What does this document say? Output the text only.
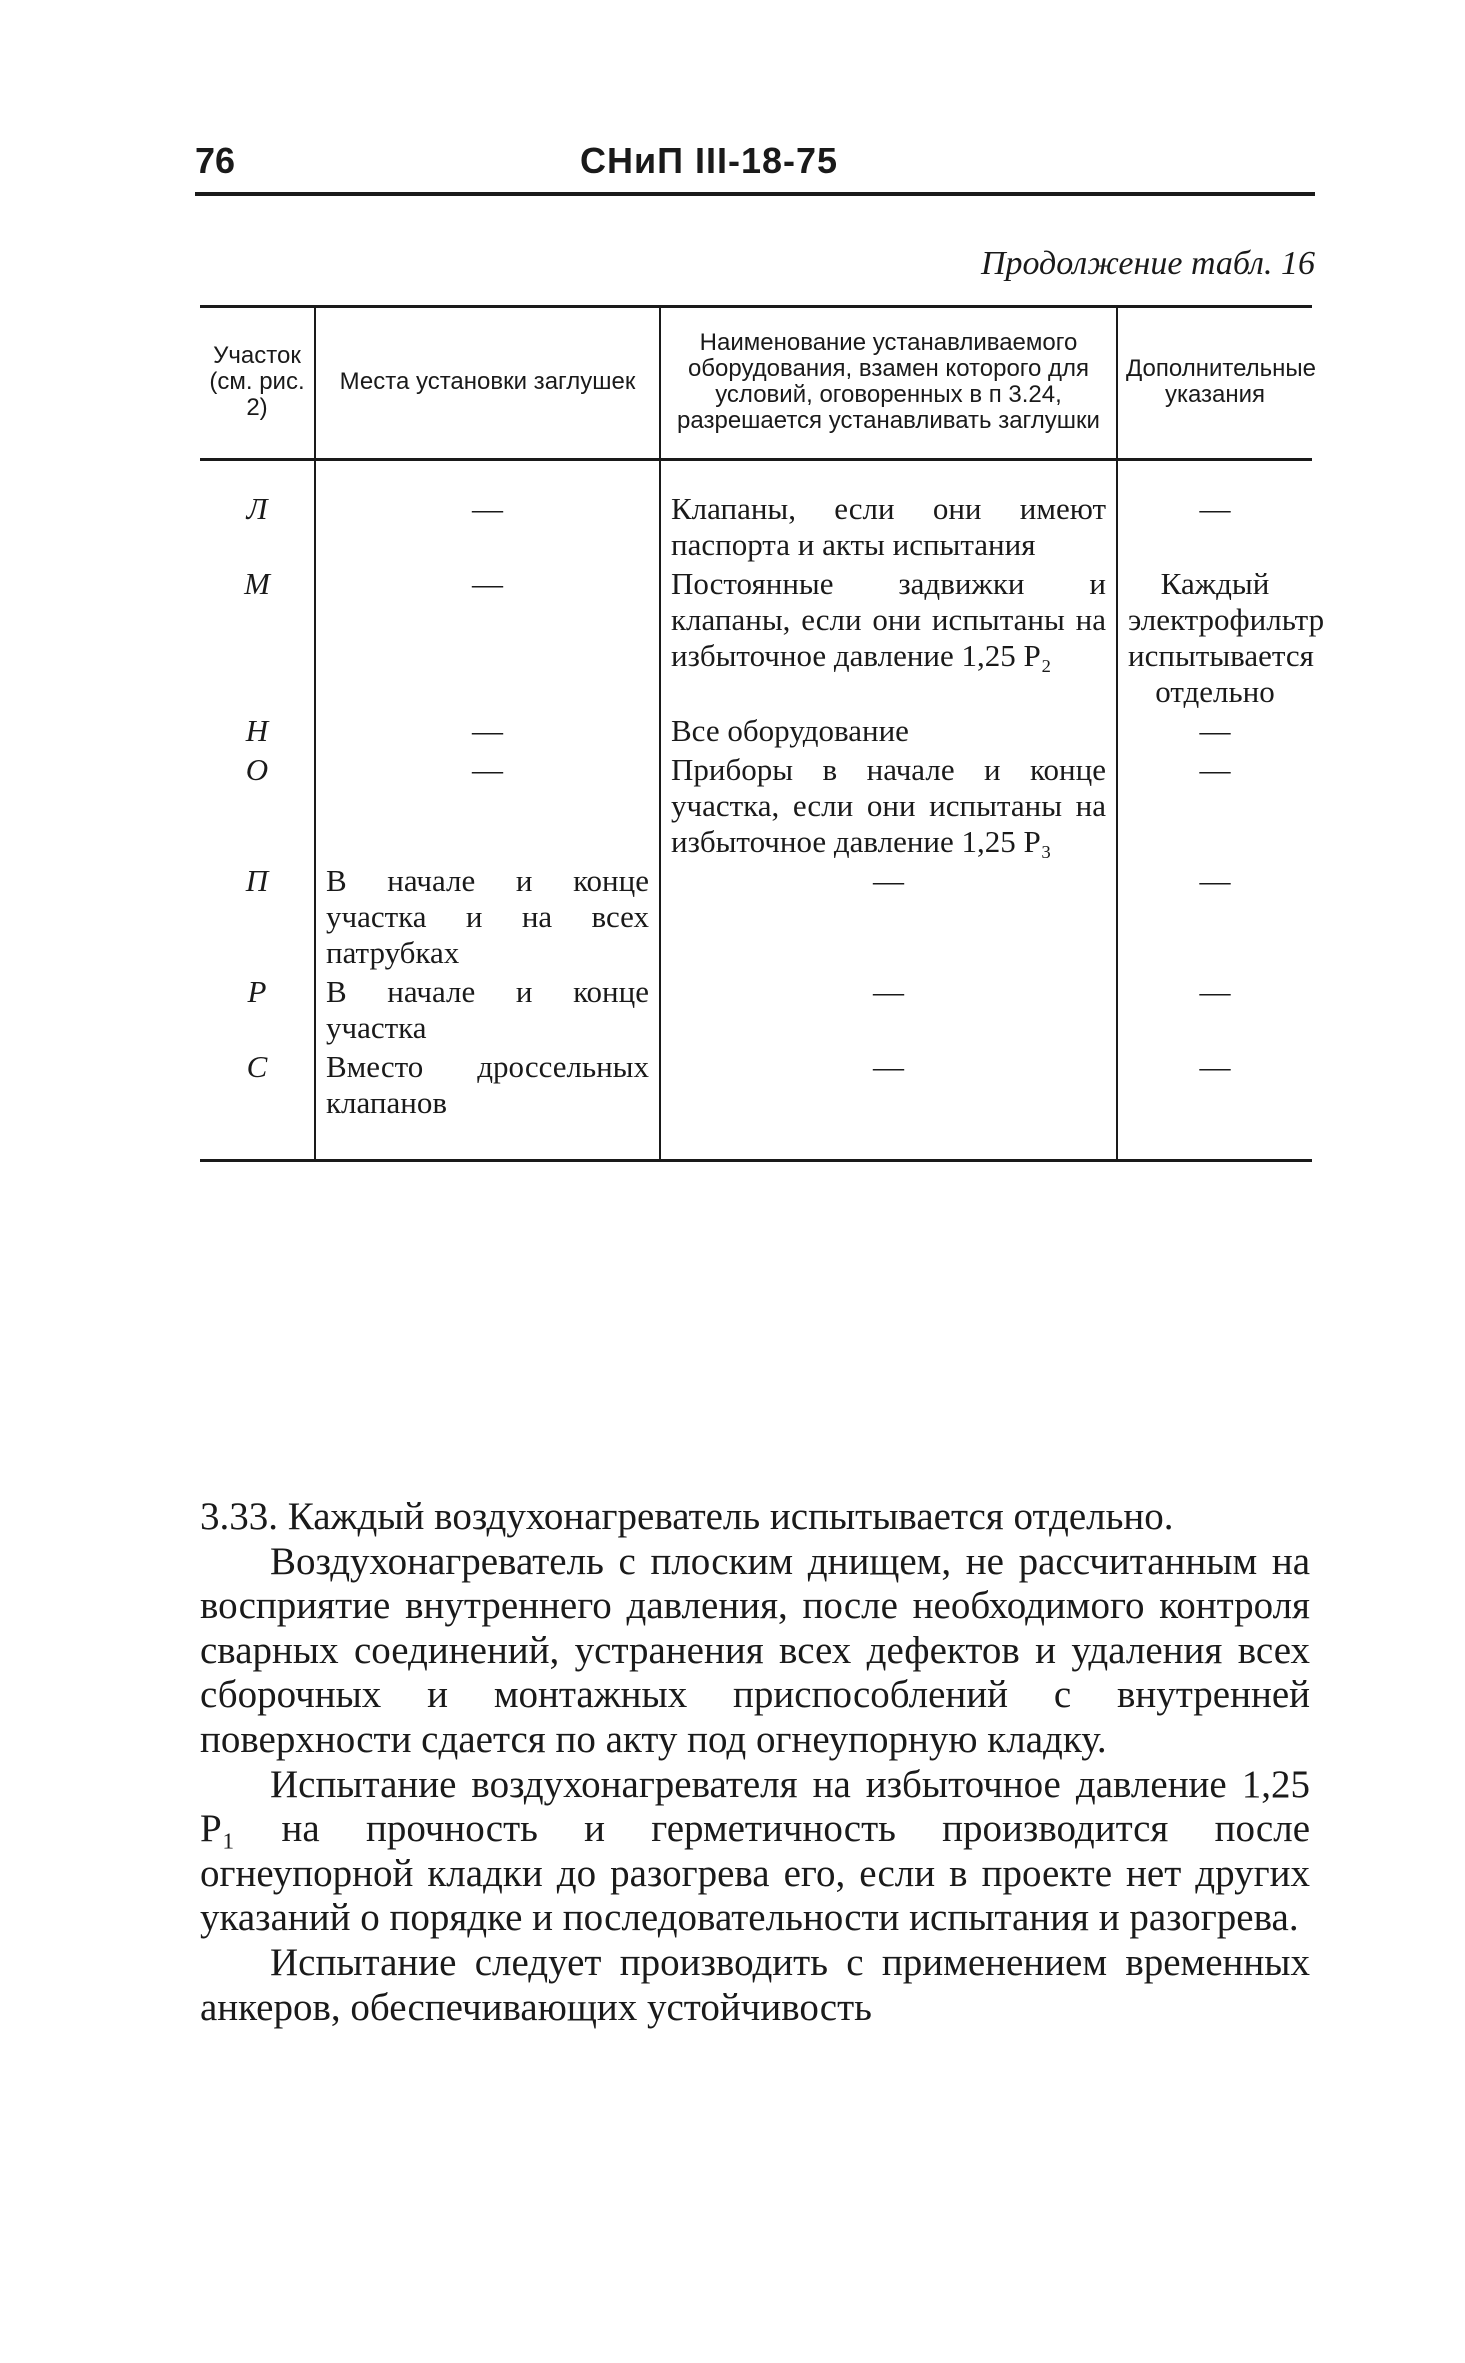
76	СНиП III-18-75
Продолжение табл. 16
Участок (см. рис. 2)	Места установки заглушек	Наименование устанавливаемого оборудования, взамен которого для условий, оговоренных в п 3.24, разрешается устанавливать заглушки	Дополнительные указания
Л	—	Клапаны, если они имеют паспорта и акты испытания	—
М	—	Постоянные задвижки и клапаны, если они испытаны на избыточное давление 1,25 P₂	Каждый электрофильтр испытывается отдельно
Н	—	Все оборудование	—
О	—	Приборы в начале и конце участка, если они испытаны на избыточное давление 1,25 P₃	—
П	В начале и конце участка и на всех патрубках	—	—
Р	В начале и конце участка	—	—
С	Вместо дроссельных клапанов	—	—

3.33. Каждый воздухонагреватель испытывается отдельно.

Воздухонагреватель с плоским днищем, не рассчитанным на восприятие внутреннего давления, после необходимого контроля сварных соединений, устранения всех дефектов и удаления всех сборочных и монтажных приспособлений с внутренней поверхности сдается по акту под огнеупорную кладку.

Испытание воздухонагревателя на избыточное давление 1,25 P₁ на прочность и герметичность производится после огнеупорной кладки до разогрева его, если в проекте нет других указаний о порядке и последовательности испытания и разогрева.

Испытание следует производить с применением временных анкеров, обеспечивающих устойчивость
